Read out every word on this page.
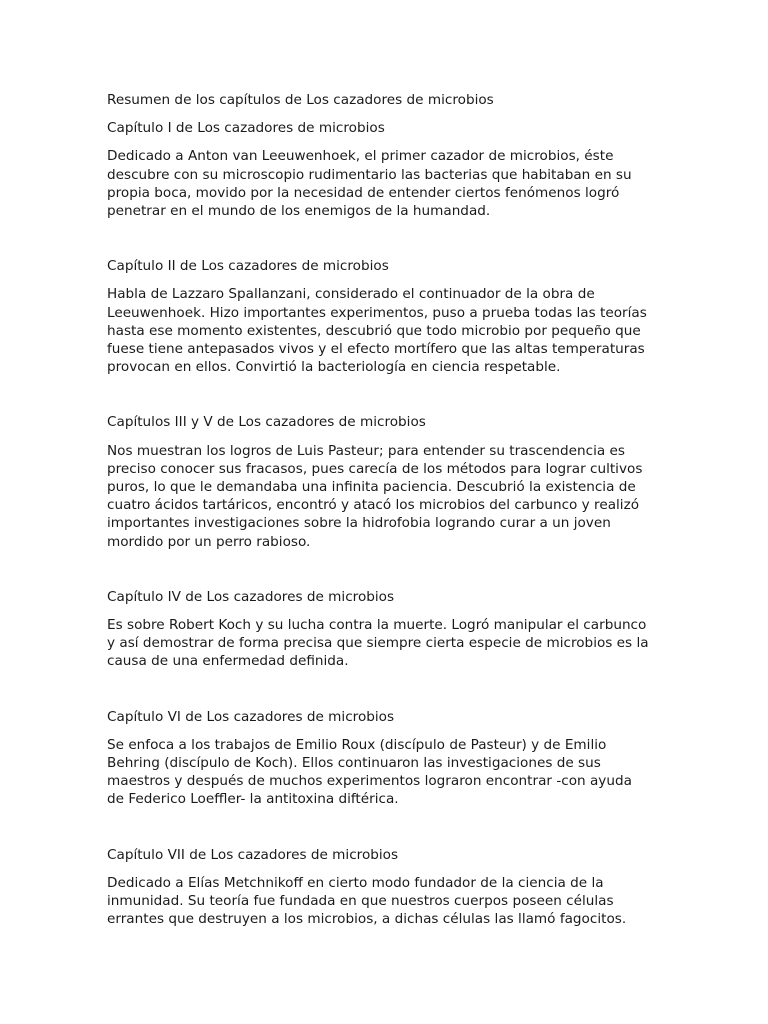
Resumen de los capítulos de Los cazadores de microbios

Capítulo I de Los cazadores de microbios

Dedicado a Anton van Leeuwenhoek, el primer cazador de microbios, éste
descubre con su microscopio rudimentario las bacterias que habitaban en su
propia boca, movido por la necesidad de entender ciertos fenómenos logró
penetrar en el mundo de los enemigos de la humandad.

Capítulo II de Los cazadores de microbios

Habla de Lazzaro Spallanzani, considerado el continuador de la obra de
Leeuwenhoek. Hizo importantes experimentos, puso a prueba todas las teorías
hasta ese momento existentes, descubrió que todo microbio por pequeño que
fuese tiene antepasados vivos y el efecto mortífero que las altas temperaturas
provocan en ellos. Convirtió la bacteriología en ciencia respetable.

Capítulos III y V de Los cazadores de microbios

Nos muestran los logros de Luis Pasteur; para entender su trascendencia es
preciso conocer sus fracasos, pues carecía de los métodos para lograr cultivos
puros, lo que le demandaba una infinita paciencia. Descubrió la existencia de
cuatro ácidos tartáricos, encontró y atacó los microbios del carbunco y realizó
importantes investigaciones sobre la hidrofobia logrando curar a un joven
mordido por un perro rabioso.

Capítulo IV de Los cazadores de microbios

Es sobre Robert Koch y su lucha contra la muerte. Logró manipular el carbunco
y así demostrar de forma precisa que siempre cierta especie de microbios es la
causa de una enfermedad definida.

Capítulo VI de Los cazadores de microbios

Se enfoca a los trabajos de Emilio Roux (discípulo de Pasteur) y de Emilio
Behring (discípulo de Koch). Ellos continuaron las investigaciones de sus
maestros y después de muchos experimentos lograron encontrar -con ayuda
de Federico Loeffler- la antitoxina diftérica.

Capítulo VII de Los cazadores de microbios

Dedicado a Elías Metchnikoff en cierto modo fundador de la ciencia de la
inmunidad. Su teoría fue fundada en que nuestros cuerpos poseen células
errantes que destruyen a los microbios, a dichas células las llamó fagocitos.
